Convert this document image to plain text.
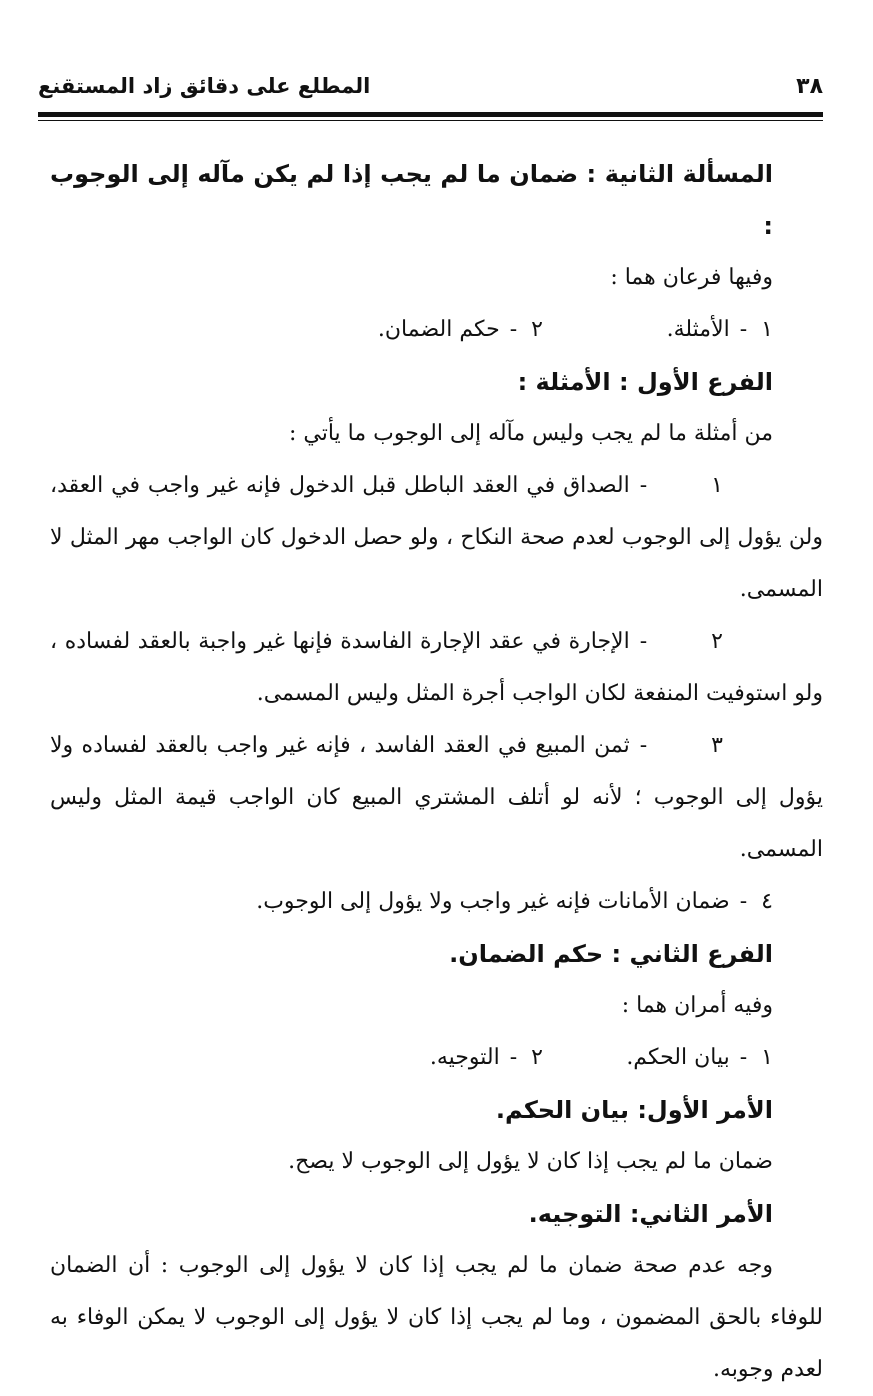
٣٨
المطلع على دقائق زاد المستقنع

المسألة الثانية : ضمان ما لم يجب إذا لم يكن مآله إلى الوجوب :

وفيها فرعان هما :

١-الأمثلة.
٢-حكم الضمان.

الفرع الأول : الأمثلة :

من أمثلة ما لم يجب وليس مآله إلى الوجوب ما يأتي :

١-الصداق في العقد الباطل قبل الدخول فإنه غير واجب في العقد، ولن يؤول إلى الوجوب لعدم صحة النكاح ، ولو حصل الدخول كان الواجب مهر المثل لا المسمى.

٢-الإجارة في عقد الإجارة الفاسدة فإنها غير واجبة بالعقد لفساده ، ولو استوفيت المنفعة لكان الواجب أجرة المثل وليس المسمى.

٣-ثمن المبيع في العقد الفاسد ، فإنه غير واجب بالعقد لفساده ولا يؤول إلى الوجوب ؛ لأنه لو أتلف المشتري المبيع كان الواجب قيمة المثل وليس المسمى.

٤-ضمان الأمانات فإنه غير واجب ولا يؤول إلى الوجوب.

الفرع الثاني : حكم الضمان.

وفيه أمران هما :

١-بيان الحكم.
٢-التوجيه.

الأمر الأول: بيان الحكم.

ضمان ما لم يجب إذا كان لا يؤول إلى الوجوب لا يصح.

الأمر الثاني: التوجيه.

وجه عدم صحة ضمان ما لم يجب إذا كان لا يؤول إلى الوجوب : أن الضمان للوفاء بالحق المضمون ، وما لم يجب إذا كان لا يؤول إلى الوجوب لا يمكن الوفاء به لعدم وجوبه.
